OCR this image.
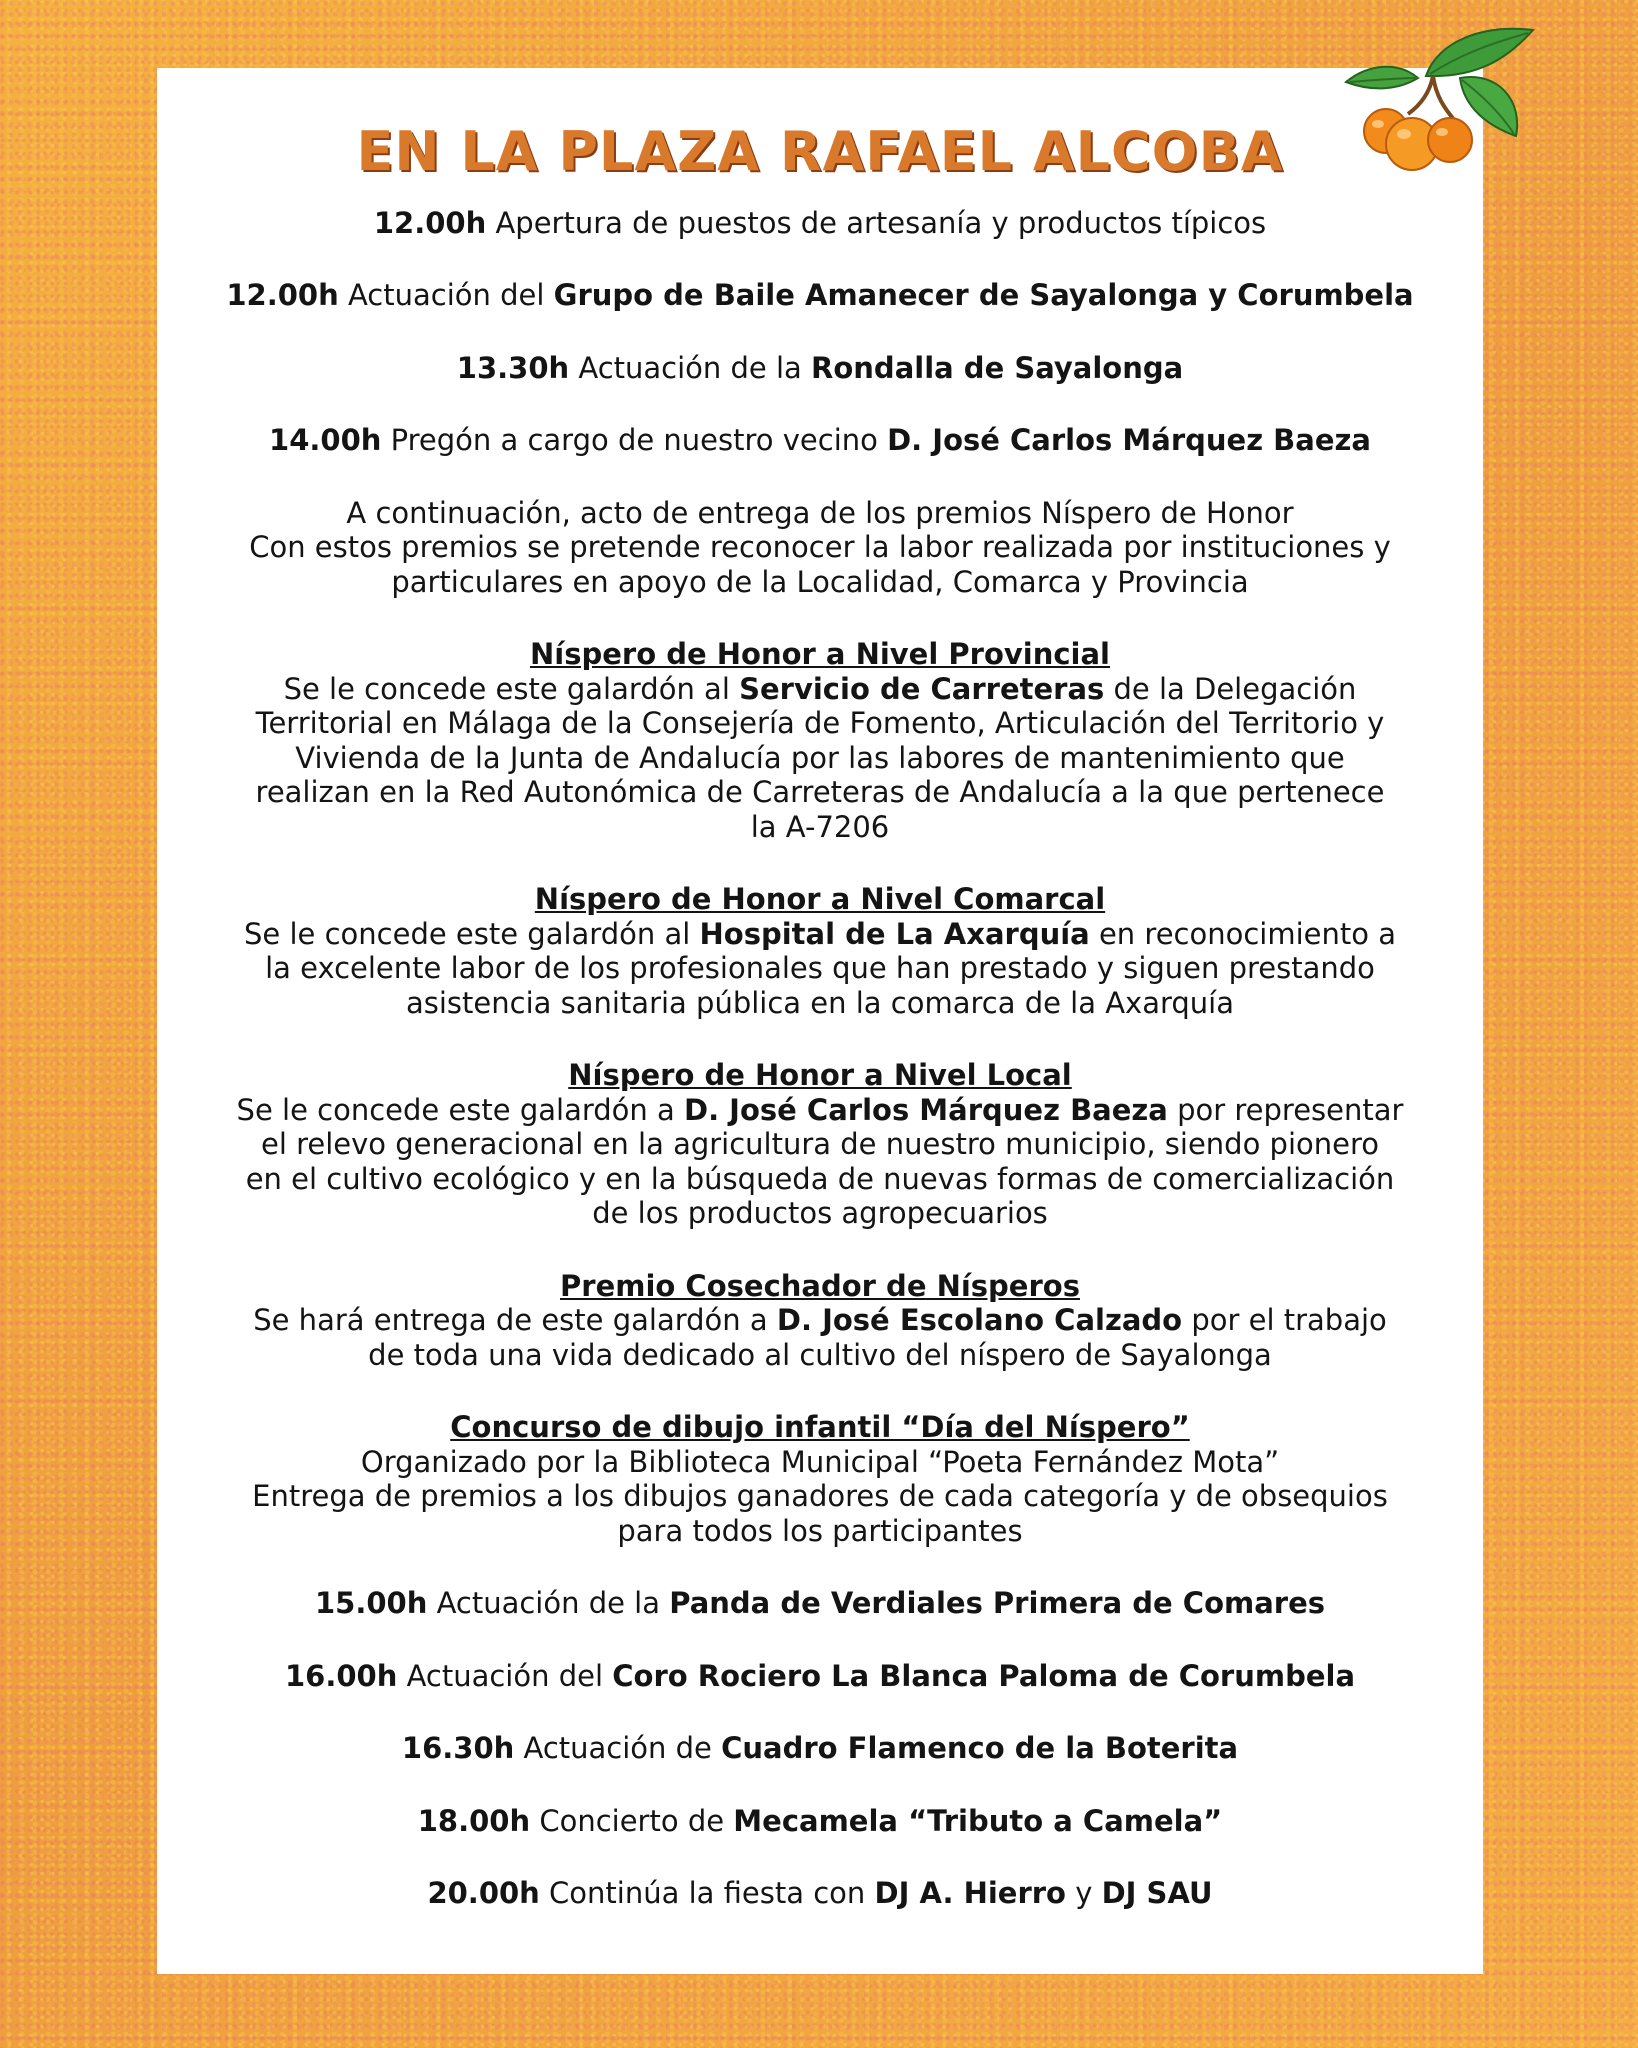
EN LA PLAZA RAFAEL ALCOBA
12.00h Apertura de puestos de artesanía y productos típicos
12.00h Actuación del Grupo de Baile Amanecer de Sayalonga y Corumbela
13.30h Actuación de la Rondalla de Sayalonga
14.00h Pregón a cargo de nuestro vecino D. José Carlos Márquez Baeza
A continuación, acto de entrega de los premios Níspero de Honor
Con estos premios se pretende reconocer la labor realizada por instituciones y
particulares en apoyo de la Localidad, Comarca y Provincia
Níspero de Honor a Nivel Provincial
Se le concede este galardón al Servicio de Carreteras de la Delegación
Territorial en Málaga de la Consejería de Fomento, Articulación del Territorio y
Vivienda de la Junta de Andalucía por las labores de mantenimiento que
realizan en la Red Autonómica de Carreteras de Andalucía a la que pertenece
la A-7206
Níspero de Honor a Nivel Comarcal
Se le concede este galardón al Hospital de La Axarquía en reconocimiento a
la excelente labor de los profesionales que han prestado y siguen prestando
asistencia sanitaria pública en la comarca de la Axarquía
Níspero de Honor a Nivel Local
Se le concede este galardón a D. José Carlos Márquez Baeza por representar
el relevo generacional en la agricultura de nuestro municipio, siendo pionero
en el cultivo ecológico y en la búsqueda de nuevas formas de comercialización
de los productos agropecuarios
Premio Cosechador de Nísperos
Se hará entrega de este galardón a D. José Escolano Calzado por el trabajo
de toda una vida dedicado al cultivo del níspero de Sayalonga
Concurso de dibujo infantil “Día del Níspero”
Organizado por la Biblioteca Municipal “Poeta Fernández Mota”
Entrega de premios a los dibujos ganadores de cada categoría y de obsequios
para todos los participantes
15.00h Actuación de la Panda de Verdiales Primera de Comares
16.00h Actuación del Coro Rociero La Blanca Paloma de Corumbela
16.30h Actuación de Cuadro Flamenco de la Boterita
18.00h Concierto de Mecamela “Tributo a Camela”
20.00h Continúa la fiesta con DJ A. Hierro y DJ SAU
